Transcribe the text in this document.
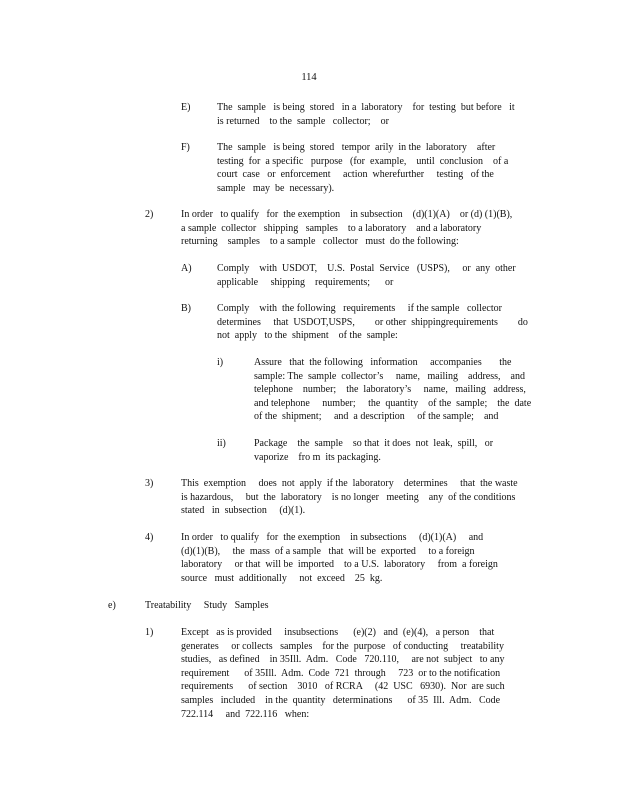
114
E)	The  sample   is being  stored   in a  laboratory    for  testing  but before   it
is returned    to the  sample   collector;    or
F)	The  sample   is being  stored   tempor  arily  in the  laboratory    after
testing  for  a specific   purpose   (for  example,    until  conclusion    of a
court  case   or  enforcement     action  wherefurther     testing   of the
sample   may  be  necessary).
2)	In order   to qualify   for  the exemption    in subsection    (d)(1)(A)    or (d) (1)(B),
a sample  collector   shipping   samples    to a laboratory    and a laboratory
returning    samples    to a sample   collector   must  do the following:
A)	Comply    with  USDOT,    U.S.  Postal  Service   (USPS),     or  any  other
applicable     shipping    requirements;      or
B)	Comply    with  the following   requirements     if the sample   collector
determines     that  USDOT,USPS,        or other  shippingrequirements        do
not  apply   to the  shipment    of the  sample:
i)	Assure   that  the following   information     accompanies       the
sample: The  sample  collector’s     name,   mailing    address,    and
telephone    number;    the  laboratory’s     name,   mailing   address,
and telephone     number;     the  quantity    of the  sample;    the  date
of the  shipment;     and  a description     of the sample;    and
ii)	Package    the  sample    so that  it does  not  leak,  spill,   or
vaporize    fro m  its packaging.
3)	This  exemption     does  not  apply  if the  laboratory    determines     that  the waste
is hazardous,     but  the  laboratory    is no longer   meeting    any  of the conditions
stated   in  subsection     (d)(1).
4)	In order   to qualify   for  the exemption    in subsections     (d)(1)(A)     and
(d)(1)(B),     the  mass  of a sample   that  will be  exported     to a foreign
laboratory     or that  will be  imported    to a U.S.  laboratory     from  a foreign
source   must  additionally     not  exceed    25  kg.
e)	Treatability     Study   Samples
1)	Except   as is provided     insubsections      (e)(2)   and  (e)(4),   a person    that
generates     or collects   samples    for the  purpose   of conducting     treatability
studies,   as defined    in 35Ill.  Adm.   Code   720.110,     are not  subject   to any
requirement      of 35Ill.  Adm.  Code  721  through     723  or to the notification
requirements      of section    3010   of RCRA     (42  USC   6930).  Nor  are such
samples   included    in the  quantity   determinations      of 35  Ill.  Adm.   Code
722.114     and  722.116   when:
